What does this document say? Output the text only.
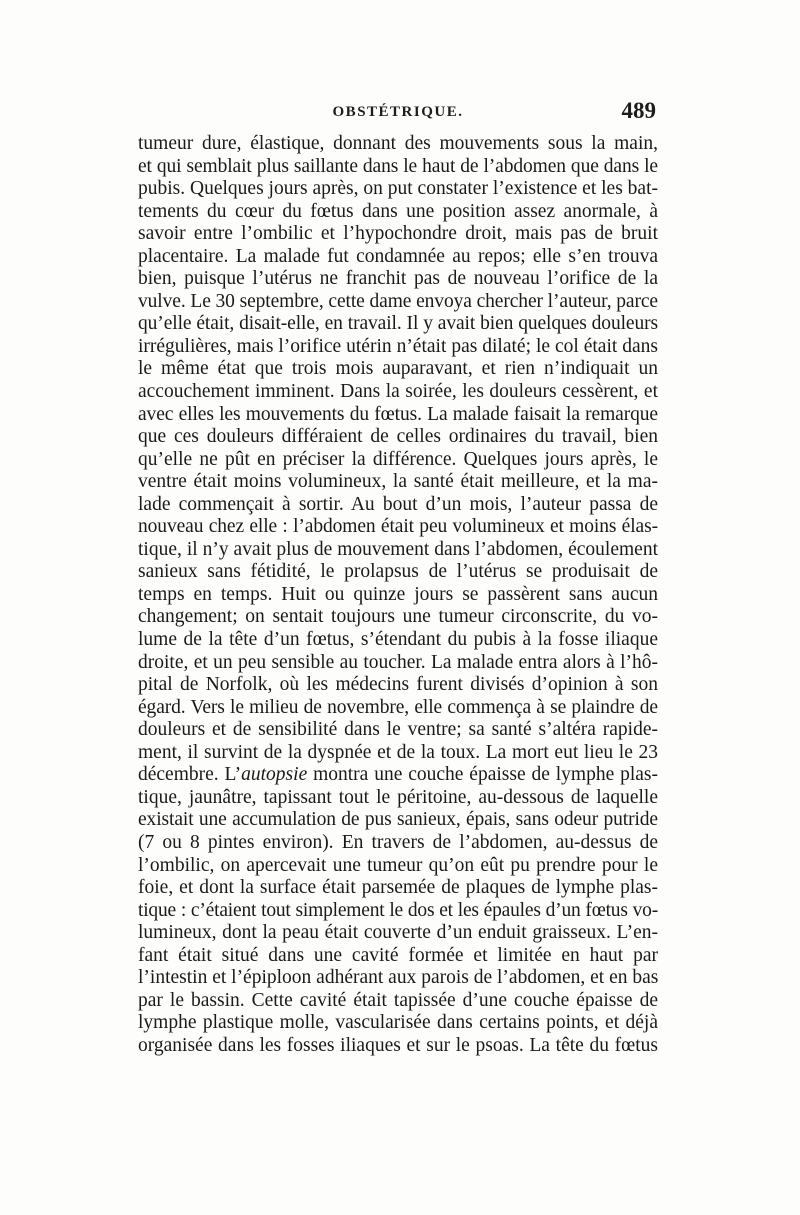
OBSTÉTRIQUE.	489
tumeur dure, élastique, donnant des mouvements sous la main,
et qui semblait plus saillante dans le haut de l’abdomen que dans le
pubis. Quelques jours après, on put constater l’existence et les bat-
tements du cœur du fœtus dans une position assez anormale, à
savoir entre l’ombilic et l’hypochondre droit, mais pas de bruit
placentaire. La malade fut condamnée au repos; elle s’en trouva
bien, puisque l’utérus ne franchit pas de nouveau l’orifice de la
vulve. Le 30 septembre, cette dame envoya chercher l’auteur, parce
qu’elle était, disait-elle, en travail. Il y avait bien quelques douleurs
irrégulières, mais l’orifice utérin n’était pas dilaté; le col était dans
le même état que trois mois auparavant, et rien n’indiquait un
accouchement imminent. Dans la soirée, les douleurs cessèrent, et
avec elles les mouvements du fœtus. La malade faisait la remarque
que ces douleurs différaient de celles ordinaires du travail, bien
qu’elle ne pût en préciser la différence. Quelques jours après, le
ventre était moins volumineux, la santé était meilleure, et la ma-
lade commençait à sortir. Au bout d’un mois, l’auteur passa de
nouveau chez elle : l’abdomen était peu volumineux et moins élas-
tique, il n’y avait plus de mouvement dans l’abdomen, écoulement
sanieux sans fétidité, le prolapsus de l’utérus se produisait de
temps en temps. Huit ou quinze jours se passèrent sans aucun
changement; on sentait toujours une tumeur circonscrite, du vo-
lume de la tête d’un fœtus, s’étendant du pubis à la fosse iliaque
droite, et un peu sensible au toucher. La malade entra alors à l’hô-
pital de Norfolk, où les médecins furent divisés d’opinion à son
égard. Vers le milieu de novembre, elle commença à se plaindre de
douleurs et de sensibilité dans le ventre; sa santé s’altéra rapide-
ment, il survint de la dyspnée et de la toux. La mort eut lieu le 23
décembre. L’autopsie montra une couche épaisse de lymphe plas-
tique, jaunâtre, tapissant tout le péritoine, au-dessous de laquelle
existait une accumulation de pus sanieux, épais, sans odeur putride
(7 ou 8 pintes environ). En travers de l’abdomen, au-dessus de
l’ombilic, on apercevait une tumeur qu’on eût pu prendre pour le
foie, et dont la surface était parsemée de plaques de lymphe plas-
tique : c’étaient tout simplement le dos et les épaules d’un fœtus vo-
lumineux, dont la peau était couverte d’un enduit graisseux. L’en-
fant était situé dans une cavité formée et limitée en haut par
l’intestin et l’épiploon adhérant aux parois de l’abdomen, et en bas
par le bassin. Cette cavité était tapissée d’une couche épaisse de
lymphe plastique molle, vascularisée dans certains points, et déjà
organisée dans les fosses iliaques et sur le psoas. La tête du fœtus
